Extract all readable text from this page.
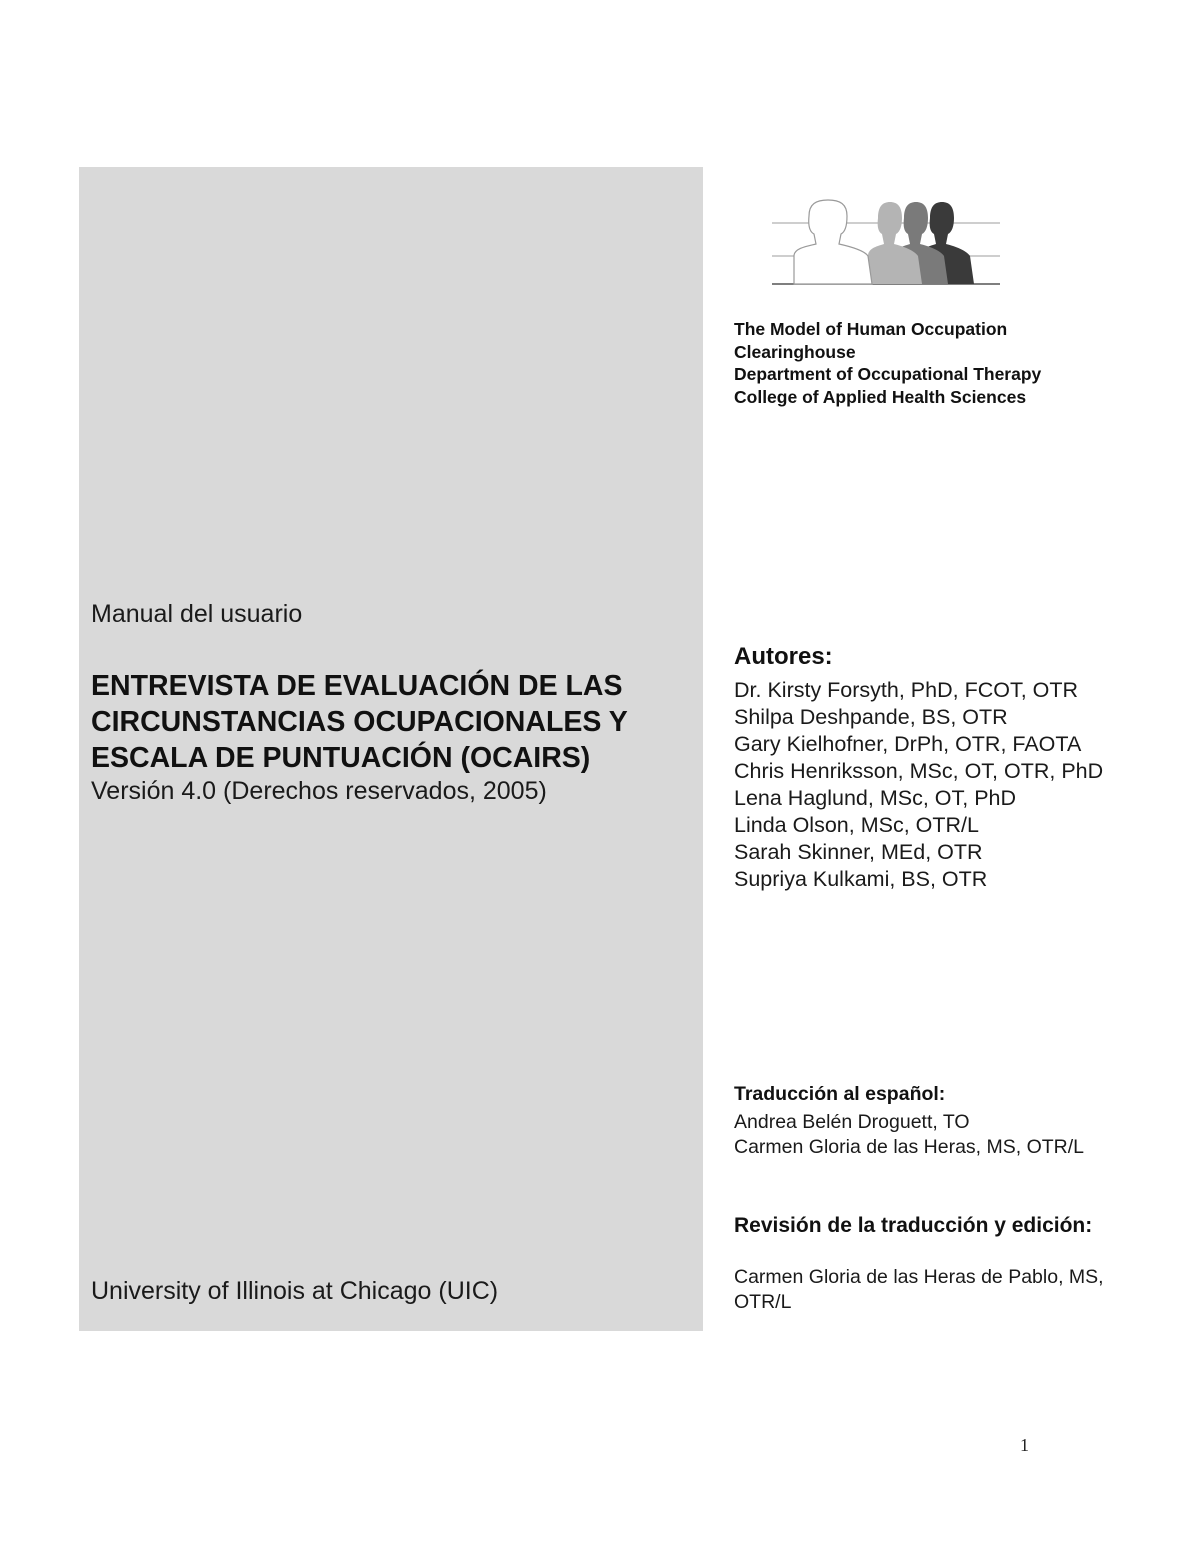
Manual del usuario
ENTREVISTA DE EVALUACIÓN DE LAS
CIRCUNSTANCIAS OCUPACIONALES Y
ESCALA DE PUNTUACIÓN (OCAIRS)
Versión 4.0 (Derechos reservados, 2005)
University of Illinois at Chicago (UIC)
The Model of Human Occupation
Clearinghouse
Department of Occupational Therapy
College of Applied Health Sciences
Autores:
Dr. Kirsty Forsyth, PhD, FCOT, OTR
Shilpa Deshpande, BS, OTR
Gary Kielhofner, DrPh, OTR, FAOTA
Chris Henriksson, MSc, OT, OTR, PhD
Lena Haglund, MSc, OT, PhD
Linda Olson, MSc, OTR/L
Sarah Skinner, MEd, OTR
Supriya Kulkami, BS, OTR
Traducción al español:
Andrea Belén Droguett, TO
Carmen Gloria de las Heras, MS, OTR/L
Revisión de la traducción y edición:
Carmen Gloria de las Heras de Pablo, MS, OTR/L
1
